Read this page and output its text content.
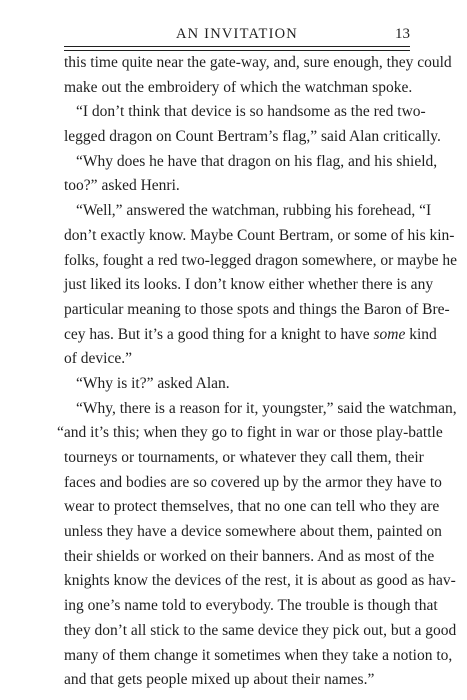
AN INVITATION	13
this time quite near the gate-way, and, sure enough, they could
make out the embroidery of which the watchman spoke.
“I don’t think that device is so handsome as the red two-
legged dragon on Count Bertram’s flag,” said Alan critically.
“Why does he have that dragon on his flag, and his shield,
too?” asked Henri.
“Well,” answered the watchman, rubbing his forehead, “I
don’t exactly know. Maybe Count Bertram, or some of his kin-
folks, fought a red two-legged dragon somewhere, or maybe he
just liked its looks. I don’t know either whether there is any
particular meaning to those spots and things the Baron of Bre-
cey has. But it’s a good thing for a knight to have some kind
of device.”
“Why is it?” asked Alan.
“Why, there is a reason for it, youngster,” said the watchman,
“and it’s this; when they go to fight in war or those play-battle
tourneys or tournaments, or whatever they call them, their
faces and bodies are so covered up by the armor they have to
wear to protect themselves, that no one can tell who they are
unless they have a device somewhere about them, painted on
their shields or worked on their banners. And as most of the
knights know the devices of the rest, it is about as good as hav-
ing one’s name told to everybody. The trouble is though that
they don’t all stick to the same device they pick out, but a good
many of them change it sometimes when they take a notion to,
and that gets people mixed up about their names.”
